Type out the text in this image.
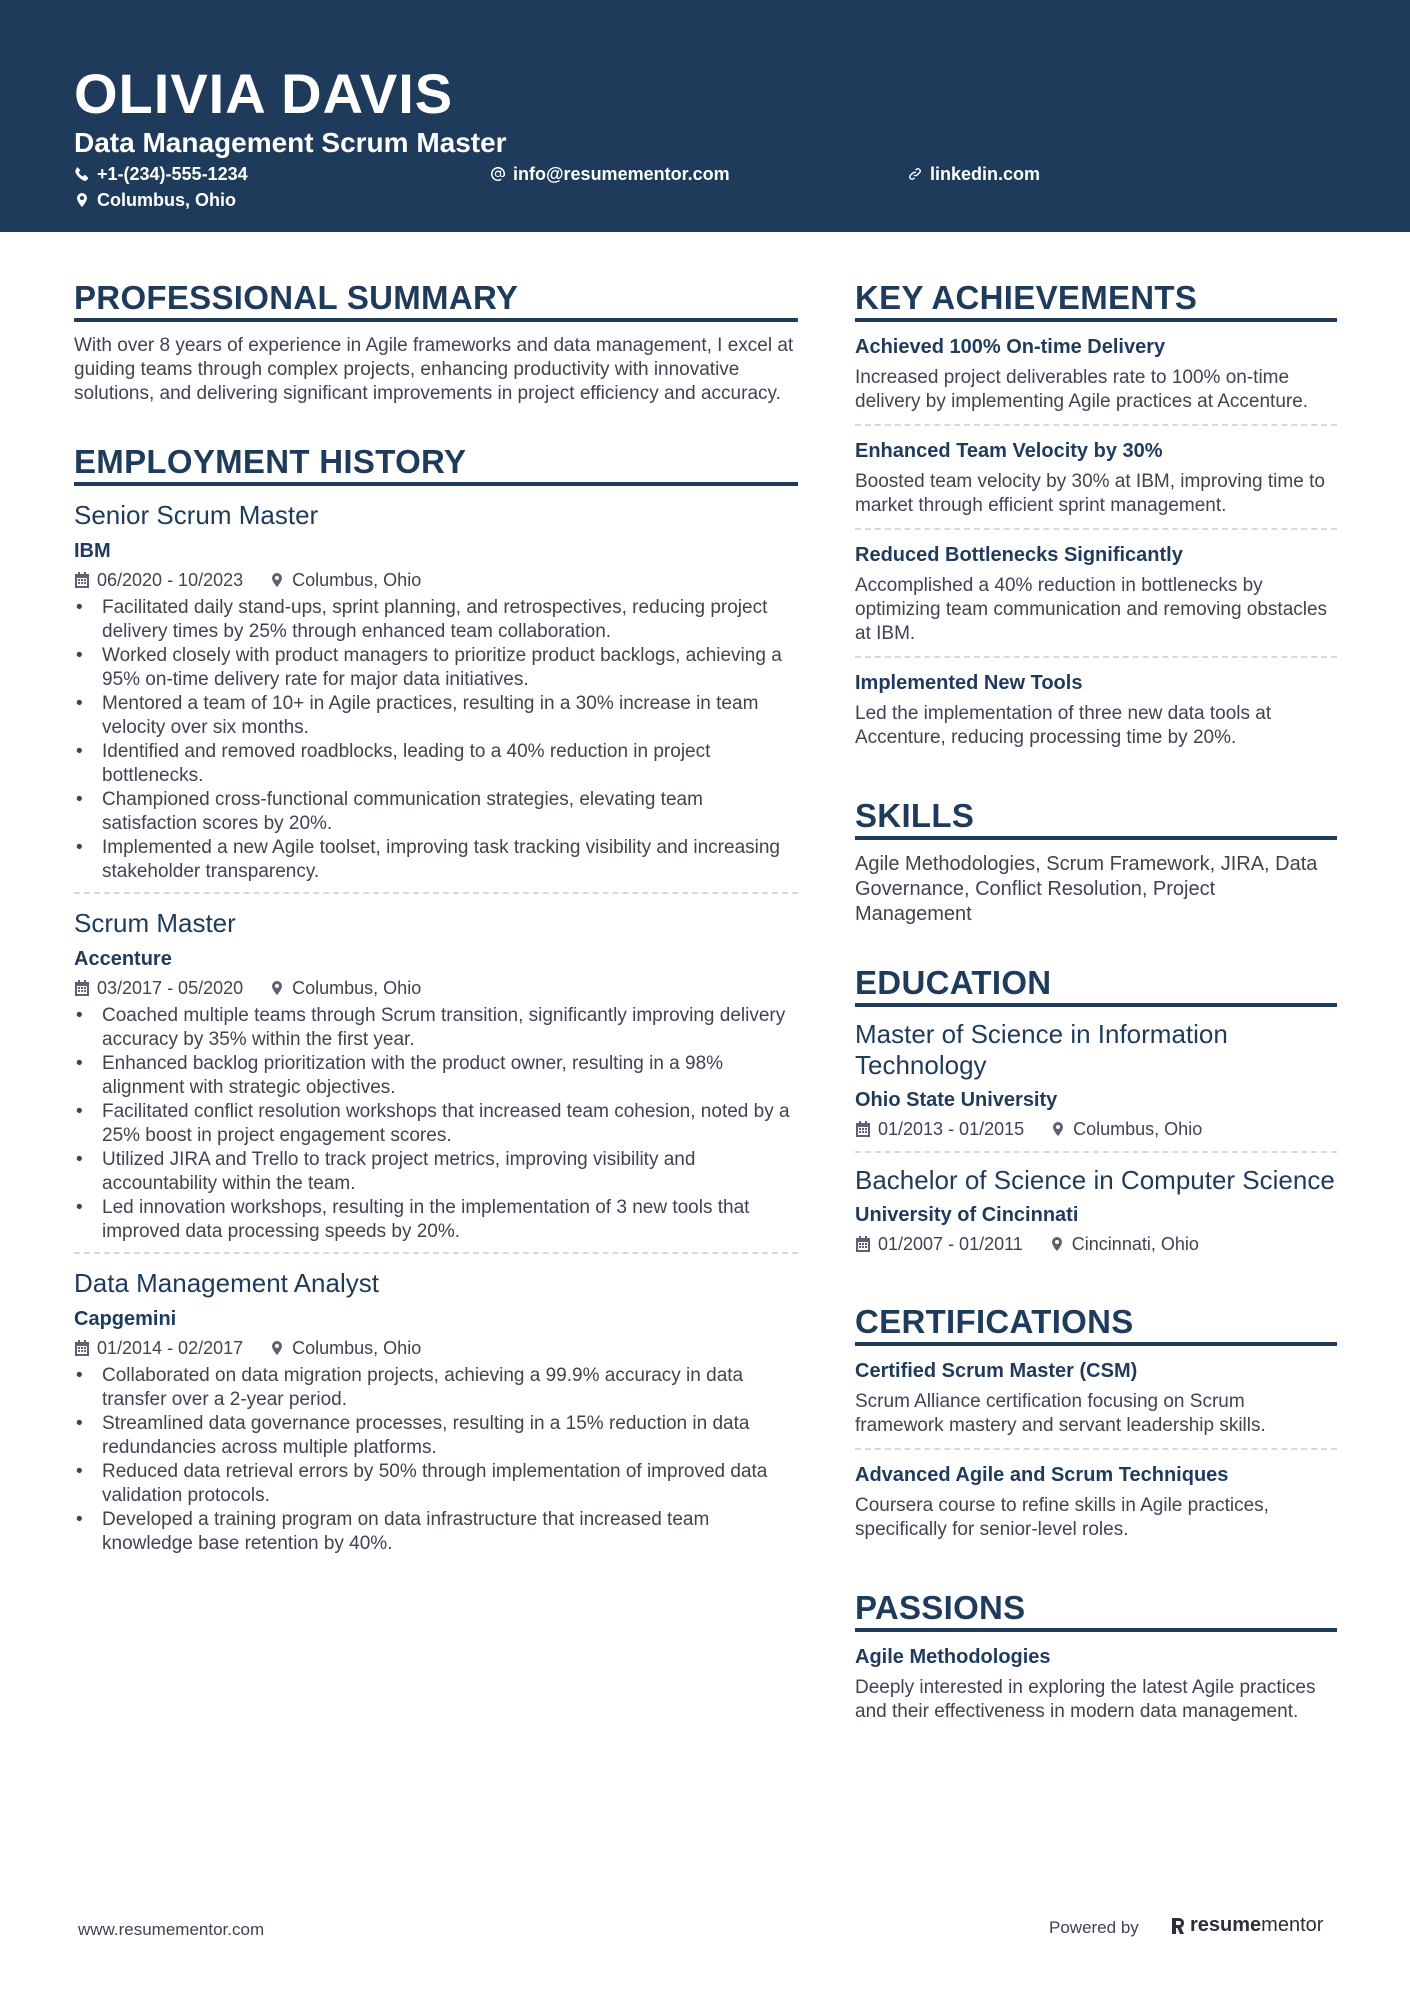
OLIVIA DAVIS
Data Management Scrum Master
+1-(234)-555-1234	info@resumementor.com	linkedin.com
Columbus, Ohio
PROFESSIONAL SUMMARY
With over 8 years of experience in Agile frameworks and data management, I excel at guiding teams through complex projects, enhancing productivity with innovative solutions, and delivering significant improvements in project efficiency and accuracy.
EMPLOYMENT HISTORY
Senior Scrum Master
IBM
06/2020 - 10/2023	Columbus, Ohio
• Facilitated daily stand-ups, sprint planning, and retrospectives, reducing project delivery times by 25% through enhanced team collaboration.
• Worked closely with product managers to prioritize product backlogs, achieving a 95% on-time delivery rate for major data initiatives.
• Mentored a team of 10+ in Agile practices, resulting in a 30% increase in team velocity over six months.
• Identified and removed roadblocks, leading to a 40% reduction in project bottlenecks.
• Championed cross-functional communication strategies, elevating team satisfaction scores by 20%.
• Implemented a new Agile toolset, improving task tracking visibility and increasing stakeholder transparency.
Scrum Master
Accenture
03/2017 - 05/2020	Columbus, Ohio
• Coached multiple teams through Scrum transition, significantly improving delivery accuracy by 35% within the first year.
• Enhanced backlog prioritization with the product owner, resulting in a 98% alignment with strategic objectives.
• Facilitated conflict resolution workshops that increased team cohesion, noted by a 25% boost in project engagement scores.
• Utilized JIRA and Trello to track project metrics, improving visibility and accountability within the team.
• Led innovation workshops, resulting in the implementation of 3 new tools that improved data processing speeds by 20%.
Data Management Analyst
Capgemini
01/2014 - 02/2017	Columbus, Ohio
• Collaborated on data migration projects, achieving a 99.9% accuracy in data transfer over a 2-year period.
• Streamlined data governance processes, resulting in a 15% reduction in data redundancies across multiple platforms.
• Reduced data retrieval errors by 50% through implementation of improved data validation protocols.
• Developed a training program on data infrastructure that increased team knowledge base retention by 40%.
KEY ACHIEVEMENTS
Achieved 100% On-time Delivery
Increased project deliverables rate to 100% on-time delivery by implementing Agile practices at Accenture.
Enhanced Team Velocity by 30%
Boosted team velocity by 30% at IBM, improving time to market through efficient sprint management.
Reduced Bottlenecks Significantly
Accomplished a 40% reduction in bottlenecks by optimizing team communication and removing obstacles at IBM.
Implemented New Tools
Led the implementation of three new data tools at Accenture, reducing processing time by 20%.
SKILLS
Agile Methodologies, Scrum Framework, JIRA, Data Governance, Conflict Resolution, Project Management
EDUCATION
Master of Science in Information Technology
Ohio State University
01/2013 - 01/2015	Columbus, Ohio
Bachelor of Science in Computer Science
University of Cincinnati
01/2007 - 01/2011	Cincinnati, Ohio
CERTIFICATIONS
Certified Scrum Master (CSM)
Scrum Alliance certification focusing on Scrum framework mastery and servant leadership skills.
Advanced Agile and Scrum Techniques
Coursera course to refine skills in Agile practices, specifically for senior-level roles.
PASSIONS
Agile Methodologies
Deeply interested in exploring the latest Agile practices and their effectiveness in modern data management.
www.resumementor.com	Powered by	resume mentor
